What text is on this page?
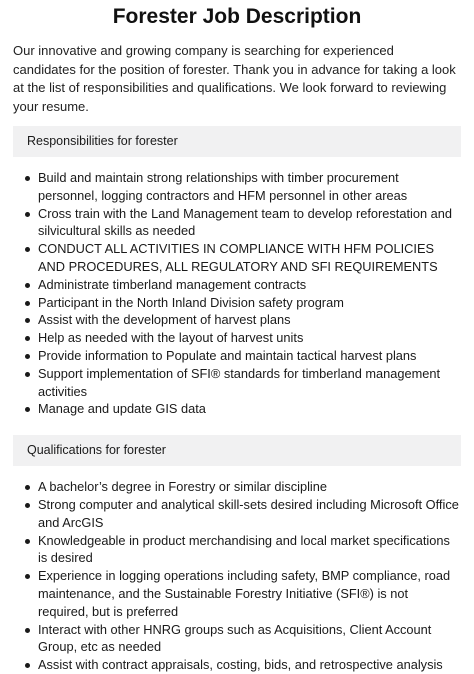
Forester Job Description

Our innovative and growing company is searching for experienced candidates for the position of forester. Thank you in advance for taking a look at the list of responsibilities and qualifications. We look forward to reviewing your resume.

Responsibilities for forester
Build and maintain strong relationships with timber procurement personnel, logging contractors and HFM personnel in other areas
Cross train with the Land Management team to develop reforestation and silvicultural skills as needed
CONDUCT ALL ACTIVITIES IN COMPLIANCE WITH HFM POLICIES AND PROCEDURES, ALL REGULATORY AND SFI REQUIREMENTS
Administrate timberland management contracts
Participant in the North Inland Division safety program
Assist with the development of harvest plans
Help as needed with the layout of harvest units
Provide information to Populate and maintain tactical harvest plans
Support implementation of SFI® standards for timberland management activities
Manage and update GIS data
Qualifications for forester
A bachelor’s degree in Forestry or similar discipline
Strong computer and analytical skill-sets desired including Microsoft Office and ArcGIS
Knowledgeable in product merchandising and local market specifications is desired
Experience in logging operations including safety, BMP compliance, road maintenance, and the Sustainable Forestry Initiative (SFI®) is not required, but is preferred
Interact with other HNRG groups such as Acquisitions, Client Account Group, etc as needed
Assist with contract appraisals, costing, bids, and retrospective analysis
